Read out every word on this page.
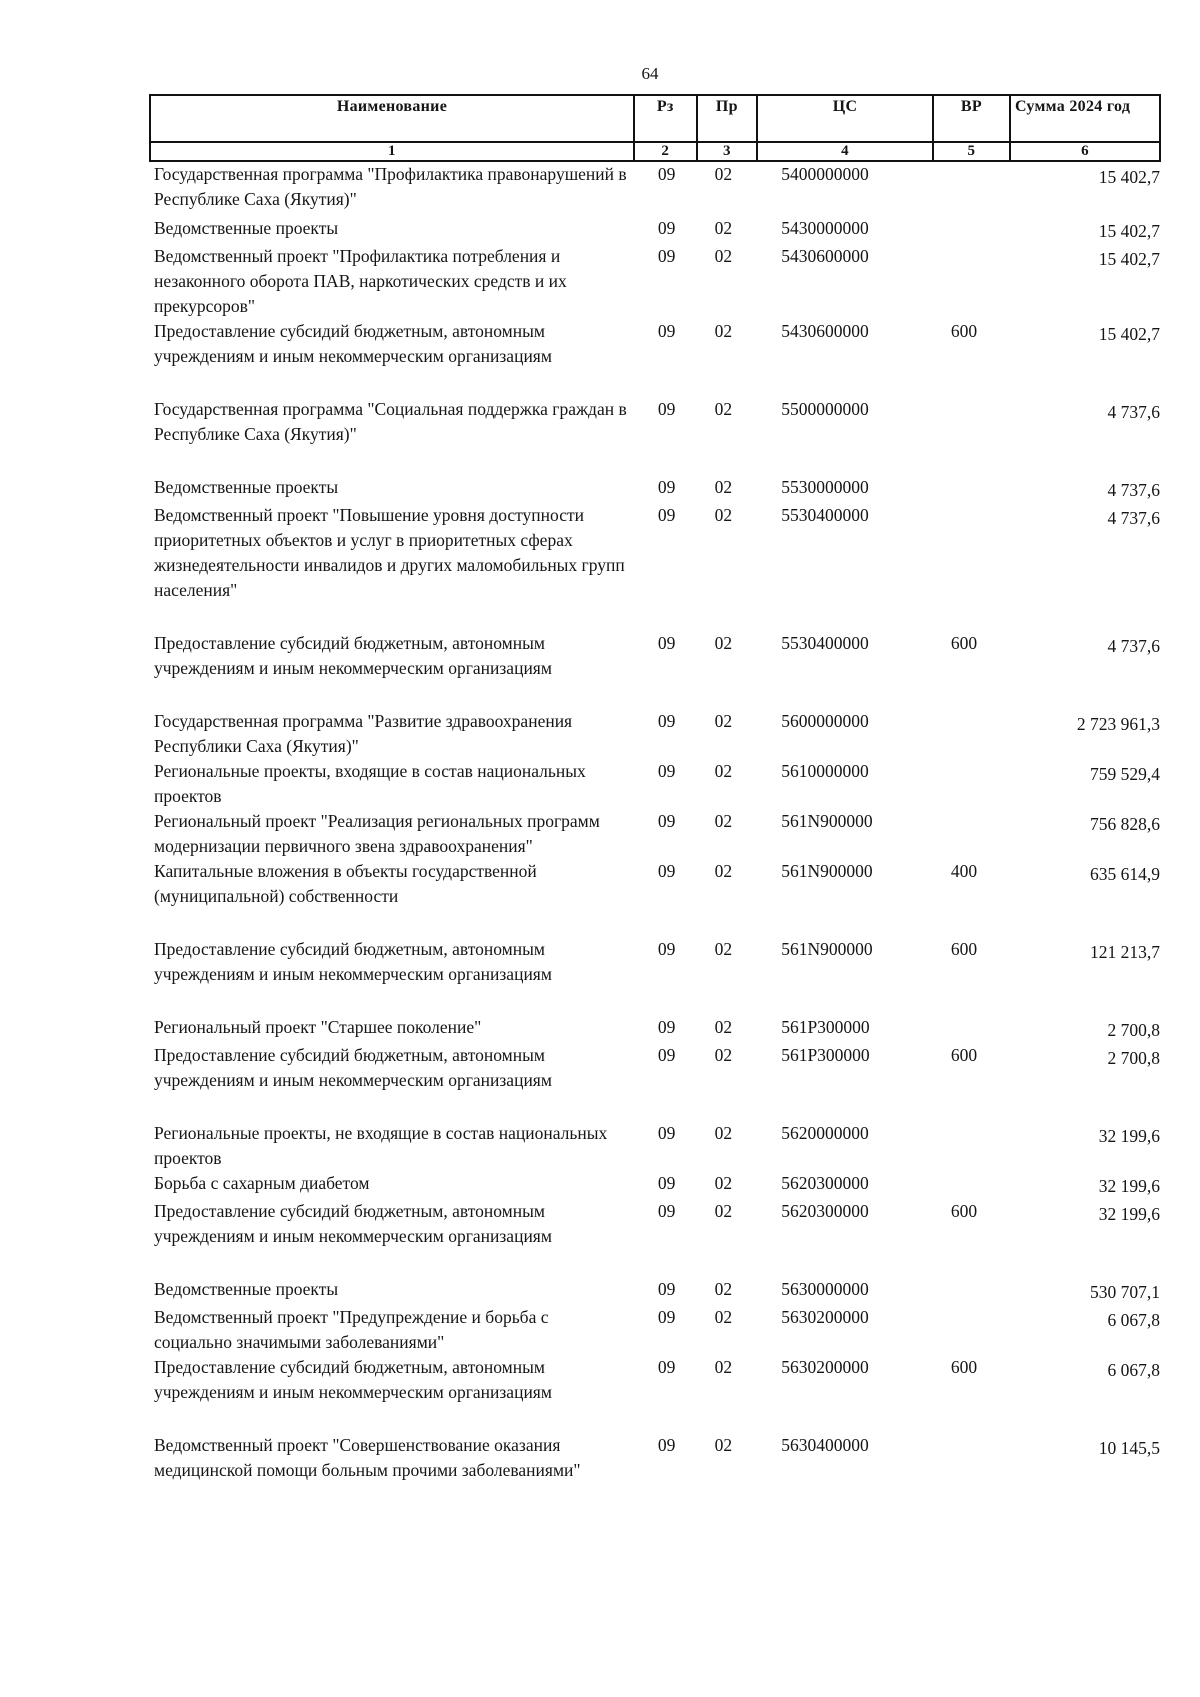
64
Наименование	Рз	Пр	ЦС	ВР	Сумма 2024 год
1	2	3	4	5	6
Государственная программа "Профилактика правонарушений в Республике Саха (Якутия)"	09	02	5400000000		15 402,7
Ведомственные проекты	09	02	5430000000		15 402,7
Ведомственный проект "Профилактика потребления и незаконного оборота ПАВ, наркотических средств и их прекурсоров"	09	02	5430600000		15 402,7
Предоставление субсидий бюджетным, автономным учреждениям и иным некоммерческим организациям	09	02	5430600000	600	15 402,7
Государственная программа "Социальная поддержка граждан в Республике Саха (Якутия)"	09	02	5500000000		4 737,6
Ведомственные проекты	09	02	5530000000		4 737,6
Ведомственный проект "Повышение уровня доступности приоритетных объектов и услуг в приоритетных сферах жизнедеятельности инвалидов и других маломобильных групп населения"	09	02	5530400000		4 737,6
Предоставление субсидий бюджетным, автономным учреждениям и иным некоммерческим организациям	09	02	5530400000	600	4 737,6
Государственная программа "Развитие здравоохранения Республики Саха (Якутия)"	09	02	5600000000		2 723 961,3
Региональные проекты, входящие в состав национальных проектов	09	02	5610000000		759 529,4
Региональный проект "Реализация региональных программ модернизации первичного звена здравоохранения"	09	02	561N900000		756 828,6
Капитальные вложения в объекты государственной (муниципальной) собственности	09	02	561N900000	400	635 614,9
Предоставление субсидий бюджетным, автономным учреждениям и иным некоммерческим организациям	09	02	561N900000	600	121 213,7
Региональный проект "Старшее поколение"	09	02	561P300000		2 700,8
Предоставление субсидий бюджетным, автономным учреждениям и иным некоммерческим организациям	09	02	561P300000	600	2 700,8
Региональные проекты, не входящие в состав национальных проектов	09	02	5620000000		32 199,6
Борьба с сахарным диабетом	09	02	5620300000		32 199,6
Предоставление субсидий бюджетным, автономным учреждениям и иным некоммерческим организациям	09	02	5620300000	600	32 199,6
Ведомственные проекты	09	02	5630000000		530 707,1
Ведомственный проект "Предупреждение и борьба с социально значимыми заболеваниями"	09	02	5630200000		6 067,8
Предоставление субсидий бюджетным, автономным учреждениям и иным некоммерческим организациям	09	02	5630200000	600	6 067,8
Ведомственный проект "Совершенствование оказания медицинской помощи больным прочими заболеваниями"	09	02	5630400000		10 145,5
